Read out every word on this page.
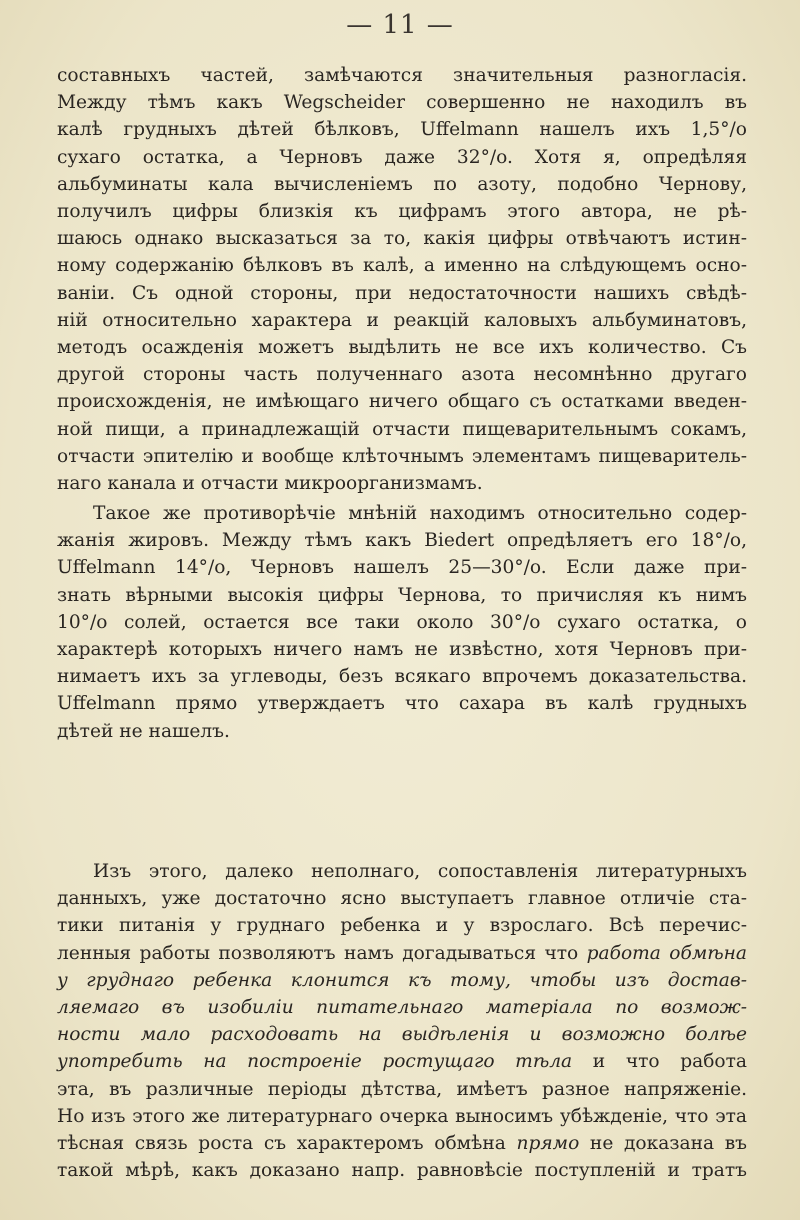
— 11 —
составныхъ частей, замѣчаются значительныя разногласія.
Между тѣмъ какъ Wegscheider совершенно не находилъ въ
калѣ грудныхъ дѣтей бѣлковъ, Uffelmann нашелъ ихъ 1,5°/o
сухаго остатка, а Черновъ даже 32°/o. Хотя я, опредѣляя
альбуминаты кала вычисленіемъ по азоту, подобно Чернову,
получилъ цифры близкія къ цифрамъ этого автора, не рѣ-
шаюсь однако высказаться за то, какія цифры отвѣчаютъ истин-
ному содержанію бѣлковъ въ калѣ, а именно на слѣдующемъ осно-
ваніи. Съ одной стороны, при недостаточности нашихъ свѣдѣ-
ній относительно характера и реакцій каловыхъ альбуминатовъ,
методъ осажденія можетъ выдѣлить не все ихъ количество. Съ
другой стороны часть полученнаго азота несомнѣнно другаго
происхожденія, не имѣющаго ничего общаго съ остатками введен-
ной пищи, а принадлежащій отчасти пищеварительнымъ сокамъ,
отчасти эпителію и вообще клѣточнымъ элементамъ пищеваритель-
наго канала и отчасти микроорганизмамъ.
Такое же противорѣчіе мнѣній находимъ относительно содер-
жанія жировъ. Между тѣмъ какъ Biedert опредѣляетъ его 18°/o,
Uffelmann 14°/o, Черновъ нашелъ 25—30°/o. Если даже при-
знать вѣрными высокія цифры Чернова, то причисляя къ нимъ
10°/o солей, остается все таки около 30°/o сухаго остатка, о
характерѣ которыхъ ничего намъ не извѣстно, хотя Черновъ при-
нимаетъ ихъ за углеводы, безъ всякаго впрочемъ доказательства.
Uffelmann прямо утверждаетъ что сахара въ калѣ грудныхъ
дѣтей не нашелъ.
Изъ этого, далеко неполнаго, сопоставленія литературныхъ
данныхъ, уже достаточно ясно выступаетъ главное отличіе ста-
тики питанія у груднаго ребенка и у взрослаго. Всѣ перечис-
ленныя работы позволяютъ намъ догадываться что работа обмѣна
у груднаго ребенка клонится къ тому, чтобы изъ достав-
ляемаго въ изобиліи питательнаго матеріала по возмож-
ности мало расходовать на выдѣленія и возможно болѣе
употребить на построеніе ростущаго тѣла и что работа
эта, въ различные періоды дѣтства, имѣетъ разное напряженіе.
Но изъ этого же литературнаго очерка выносимъ убѣжденіе, что эта
тѣсная связь роста съ характеромъ обмѣна прямо не доказана въ
такой мѣрѣ, какъ доказано напр. равновѣсіе поступленій и тратъ
